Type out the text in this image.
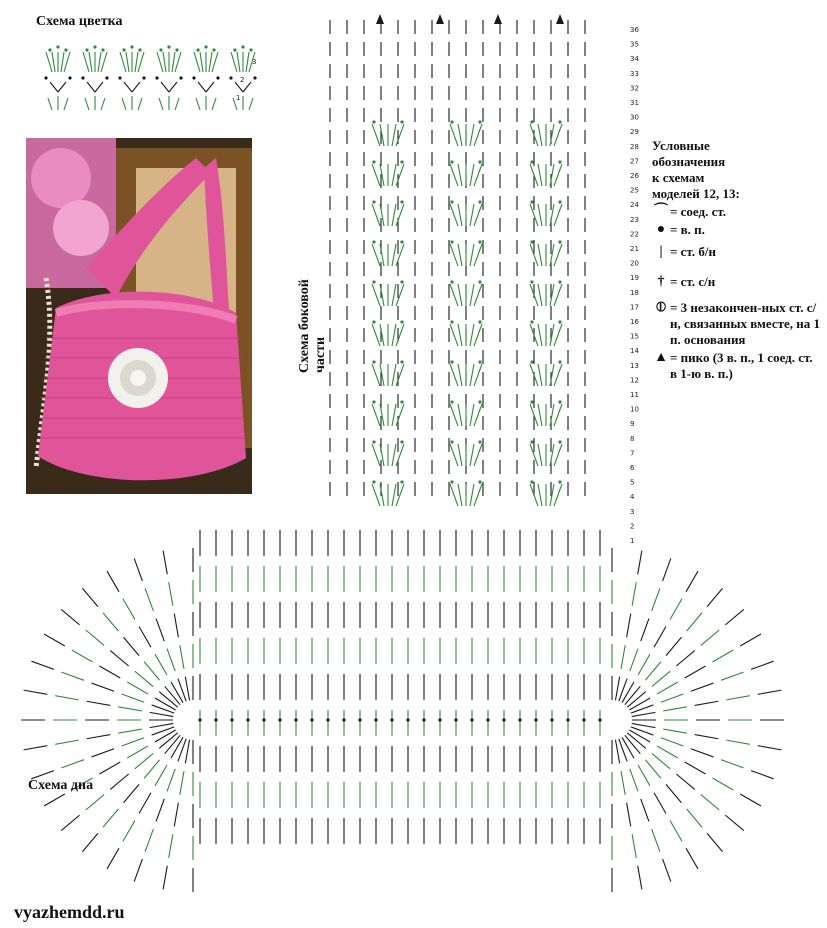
36
35
34
33
32
31
30
29
28
27
26
25
24
23
22
21
20
19
18
17
16
15
14
13
12
11
10
9
8
7
6
5
4
3
2
1
3
2
1
Схема цветка
Схема боковой части
Схема дна
Условные
обозначения
к схемам
моделей 12, 13:
⌒ = соед. ст.
● = в. п.
| = ст. б/н
† = ст. с/н
⦶ = 3 незакончен-ных ст. с/н, связанных вместе, на 1 п. основания
▲ = пико (3 в. п., 1 соед. ст. в 1-ю в. п.)
vyazhemdd.ru
